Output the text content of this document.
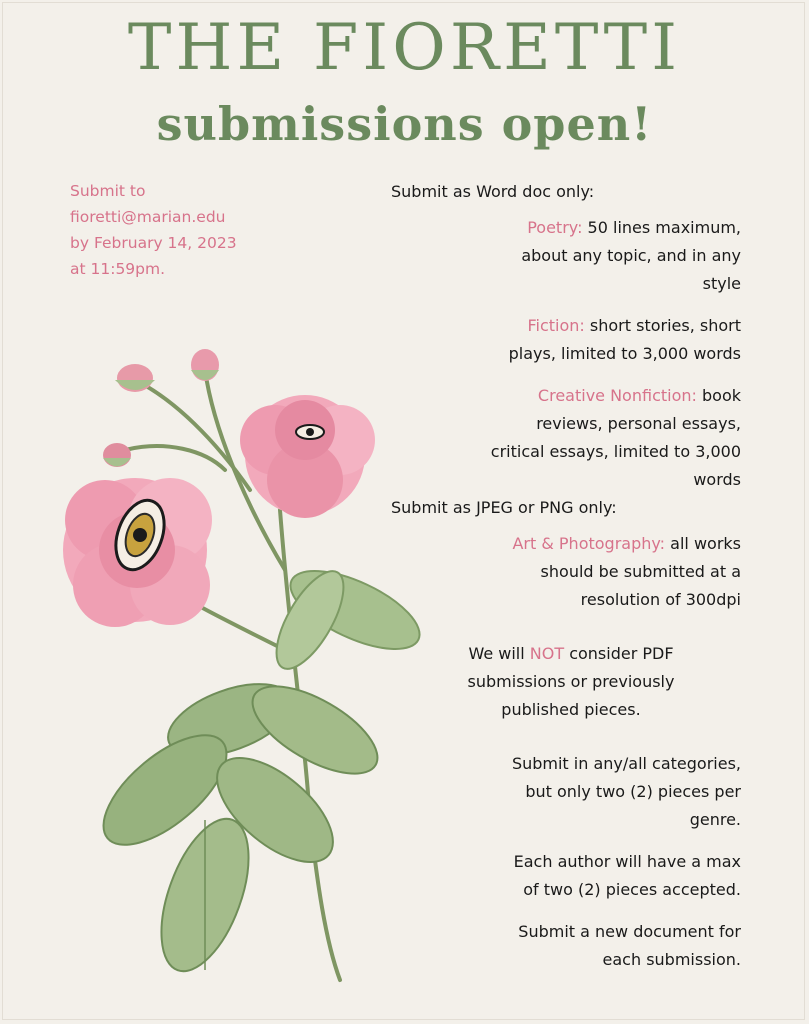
THE FIORETTI
submissions open!
Submit to
fioretti@marian.edu
by February 14, 2023
at 11:59pm.
Submit as Word doc only:
Poetry: 50 lines maximum,
about any topic, and in any
style
Fiction: short stories, short
plays, limited to 3,000 words
Creative Nonfiction: book
reviews, personal essays,
critical essays, limited to 3,000
words
Submit as JPEG or PNG only:
Art & Photography: all works
should be submitted at a
resolution of 300dpi
We will NOT consider PDF
submissions or previously
published pieces.
Submit in any/all categories,
but only two (2) pieces per
genre.
Each author will have a max
of two (2) pieces accepted.
Submit a new document for
each submission.
